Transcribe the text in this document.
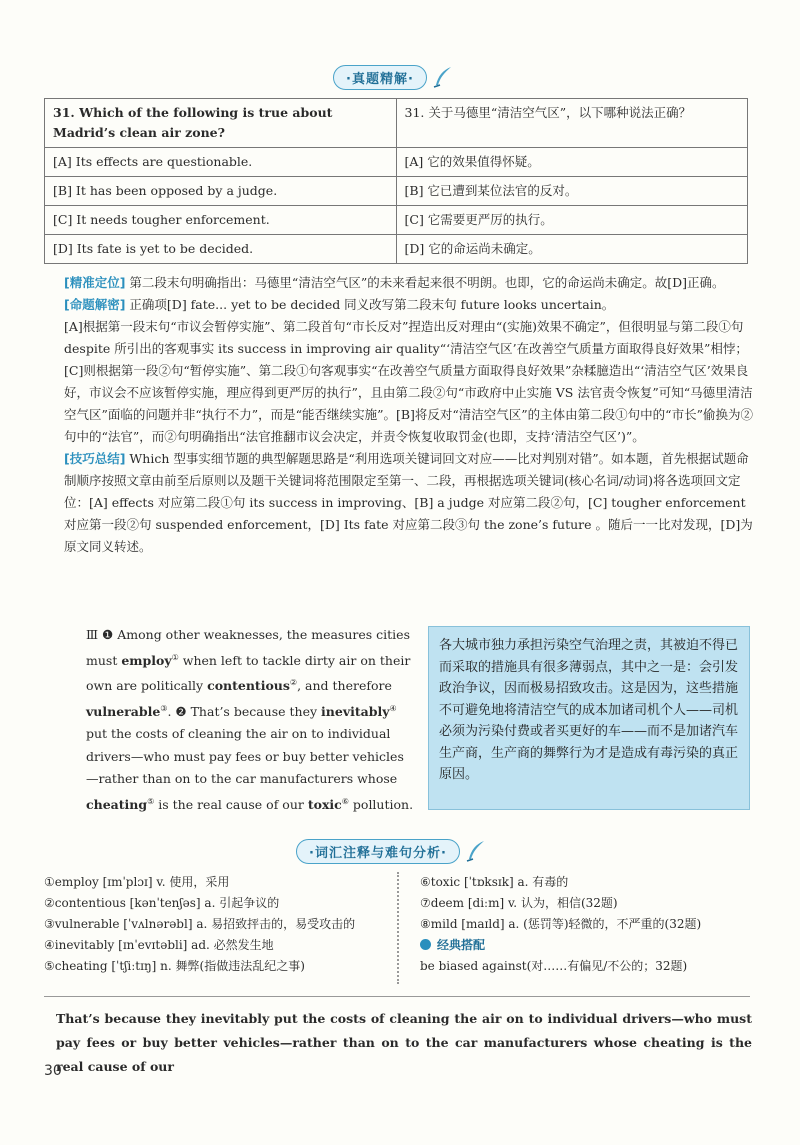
·真题精解·
31. Which of the following is true about Madrid’s clean air zone?	31. 关于马德里“清洁空气区”，以下哪种说法正确？
[A] Its effects are questionable.	[A] 它的效果值得怀疑。
[B] It has been opposed by a judge.	[B] 它已遭到某位法官的反对。
[C] It needs tougher enforcement.	[C] 它需要更严厉的执行。
[D] Its fate is yet to be decided.	[D] 它的命运尚未确定。

[精准定位] 第二段末句明确指出：马德里“清洁空气区”的未来看起来很不明朗。也即，它的命运尚未确定。故[D]正确。

[命题解密] 正确项[D] fate... yet to be decided 同义改写第二段末句 future looks uncertain。

[A]根据第一段末句“市议会暂停实施”、第二段首句“市长反对”捏造出反对理由“(实施)效果不确定”，但很明显与第二段①句 despite 所引出的客观事实 its success in improving air quality“‘清洁空气区’在改善空气质量方面取得良好效果”相悖；[C]则根据第一段②句“暂停实施”、第二段①句客观事实“在改善空气质量方面取得良好效果”杂糅臆造出“‘清洁空气区’效果良好，市议会不应该暂停实施，理应得到更严厉的执行”，且由第二段②句“市政府中止实施 VS 法官责令恢复”可知“马德里清洁空气区”面临的问题并非“执行不力”，而是“能否继续实施”。[B]将反对“清洁空气区”的主体由第二段①句中的“市长”偷换为②句中的“法官”，而②句明确指出“法官推翻市议会决定，并责令恢复收取罚金(也即，支持‘清洁空气区’)”。

[技巧总结] Which 型事实细节题的典型解题思路是“利用选项关键词回文对应——比对判别对错”。如本题，首先根据试题命制顺序按照文章由前至后原则以及题干关键词将范围限定至第一、二段，再根据选项关键词(核心名词/动词)将各选项回文定位：[A] effects 对应第二段①句 its success in improving、[B] a judge 对应第二段②句，[C] tougher enforcement 对应第一段②句 suspended enforcement，[D] Its fate 对应第二段③句 the zone’s future 。随后一一比对发现，[D]为原文同义转述。

Ⅲ ❶ Among other weaknesses, the measures cities must employ① when left to tackle dirty air on their own are politically contentious②, and therefore vulnerable③. ❷ That’s because they inevitably④ put the costs of cleaning the air on to individual drivers—who must pay fees or buy better vehicles—rather than on to the car manufacturers whose cheating⑤ is the real cause of our toxic⑥ pollution.
各大城市独力承担污染空气治理之责，其被迫不得已而采取的措施具有很多薄弱点，其中之一是：会引发政治争议，因而极易招致攻击。这是因为，这些措施不可避免地将清洁空气的成本加诸司机个人——司机必须为污染付费或者买更好的车——而不是加诸汽车生产商，生产商的舞弊行为才是造成有毒污染的真正原因。
·词汇注释与难句分析·
①employ [ɪmˈplɔɪ] v. 使用，采用
②contentious [kənˈtenʃəs] a. 引起争议的
③vulnerable [ˈvʌlnərəbl] a. 易招致抨击的，易受攻击的
④inevitably [ɪnˈevɪtəbli] ad. 必然发生地
⑤cheating [ˈtʃiːtɪŋ] n. 舞弊(指做违法乱纪之事)
⑥toxic [ˈtɒksɪk] a. 有毒的
⑦deem [diːm] v. 认为，相信(32题)
⑧mild [maɪld] a. (惩罚等)轻微的，不严重的(32题)
经典搭配
be biased against(对……有偏见/不公的；32题)
That’s because they inevitably put the costs of cleaning the air on to individual drivers—who must pay fees or buy better vehicles—rather than on to the car manufacturers whose cheating is the real cause of our
30
